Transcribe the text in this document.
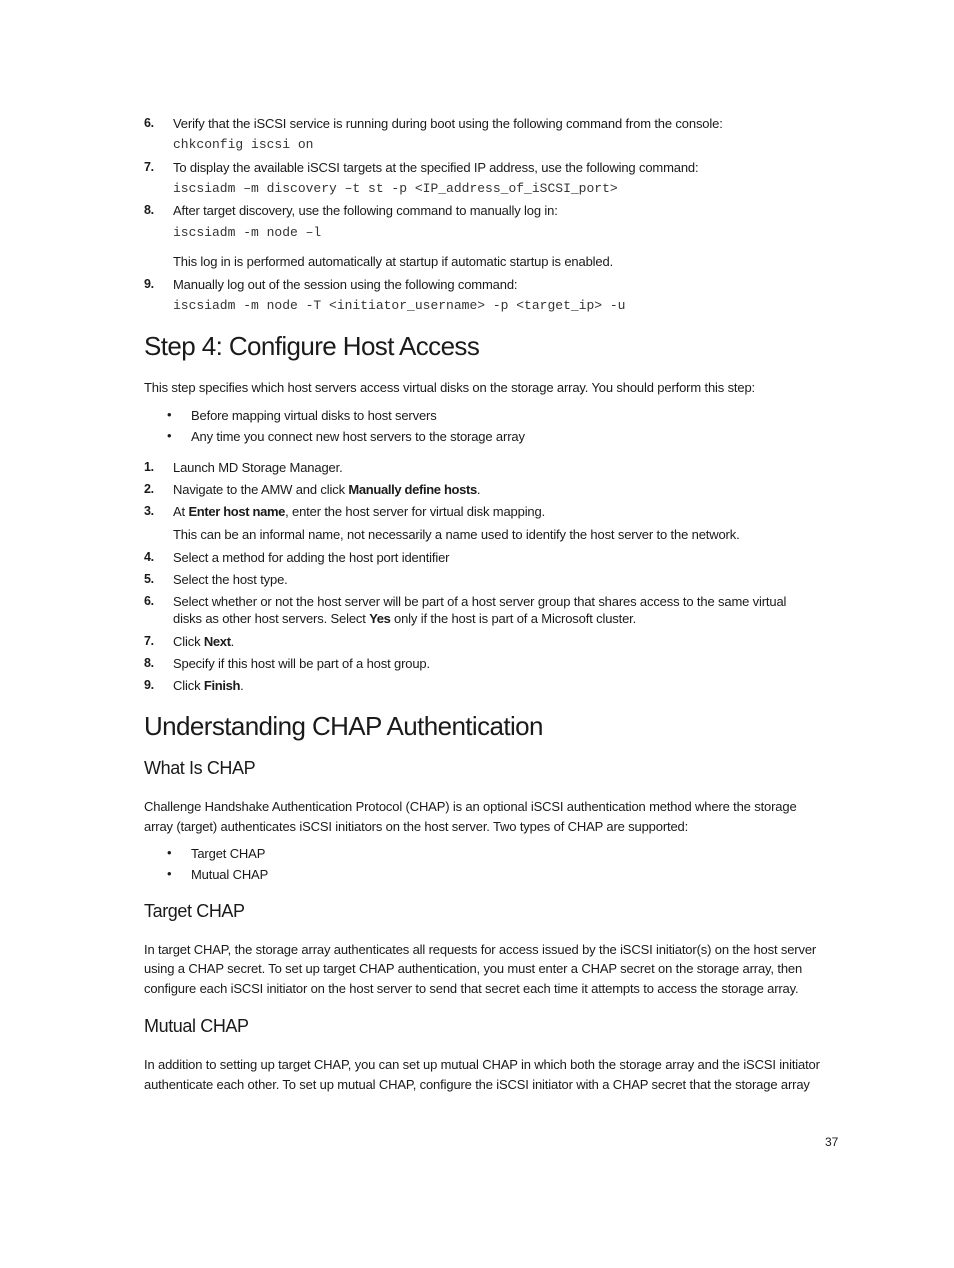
6. Verify that the iSCSI service is running during boot using the following command from the console:
chkconfig iscsi on
7. To display the available iSCSI targets at the specified IP address, use the following command:
iscsiadm –m discovery –t st -p <IP_address_of_iSCSI_port>
8. After target discovery, use the following command to manually log in:
iscsiadm -m node –l
This log in is performed automatically at startup if automatic startup is enabled.
9. Manually log out of the session using the following command:
iscsiadm -m node -T <initiator_username> -p <target_ip> -u
Step 4: Configure Host Access
This step specifies which host servers access virtual disks on the storage array. You should perform this step:
• Before mapping virtual disks to host servers
• Any time you connect new host servers to the storage array
1. Launch MD Storage Manager.
2. Navigate to the AMW and click Manually define hosts.
3. At Enter host name, enter the host server for virtual disk mapping.
This can be an informal name, not necessarily a name used to identify the host server to the network.
4. Select a method for adding the host port identifier
5. Select the host type.
6. Select whether or not the host server will be part of a host server group that shares access to the same virtual
disks as other host servers. Select Yes only if the host is part of a Microsoft cluster.
7. Click Next.
8. Specify if this host will be part of a host group.
9. Click Finish.
Understanding CHAP Authentication
What Is CHAP
Challenge Handshake Authentication Protocol (CHAP) is an optional iSCSI authentication method where the storage
array (target) authenticates iSCSI initiators on the host server. Two types of CHAP are supported:
• Target CHAP
• Mutual CHAP
Target CHAP
In target CHAP, the storage array authenticates all requests for access issued by the iSCSI initiator(s) on the host server
using a CHAP secret. To set up target CHAP authentication, you must enter a CHAP secret on the storage array, then
configure each iSCSI initiator on the host server to send that secret each time it attempts to access the storage array.
Mutual CHAP
In addition to setting up target CHAP, you can set up mutual CHAP in which both the storage array and the iSCSI initiator
authenticate each other. To set up mutual CHAP, configure the iSCSI initiator with a CHAP secret that the storage array
37
